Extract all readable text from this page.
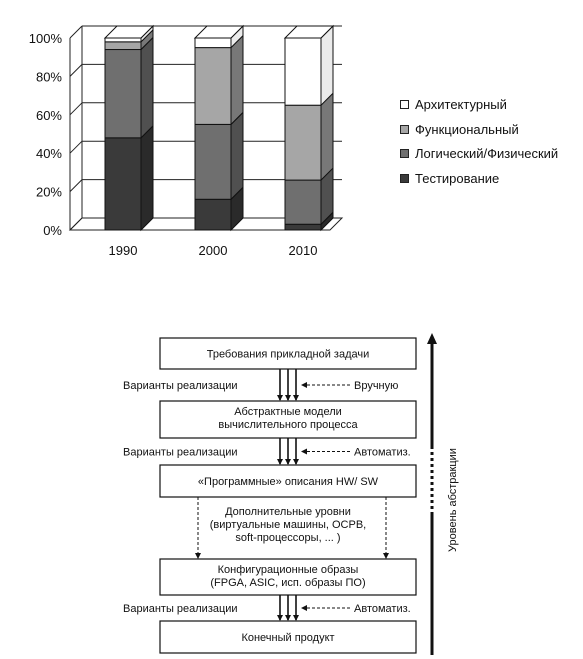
0%
20%
40%
60%
80%
100%
1990	2000	2010
Архитектурный
Функциональный
Логический/Физический
Тестирование
Требования прикладной задачи
Абстрактные модели
вычислительного процесса
«Программные» описания HW/ SW
Конфигурационные образы
(FPGA, ASIC, исп. образы ПО)
Конечный продукт
Варианты реализации	Вручную
Варианты реализации	Автоматиз.
Варианты реализации	Автоматиз.
Дополнительные уровни
(виртуальные машины, ОСРВ,
soft-процессоры, ... )	Уровень абстракции
